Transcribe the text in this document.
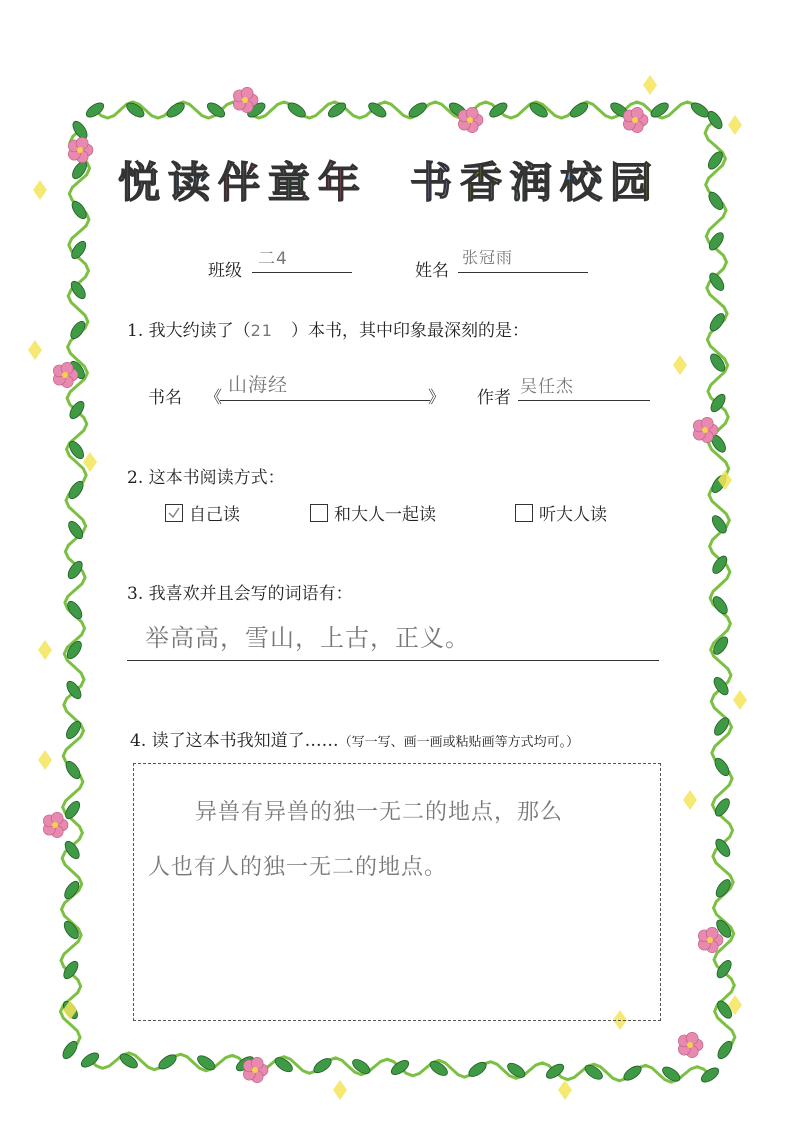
悦 读 伴 童 年 书 香 润 校 园
班级
二4
姓名
张冠雨
1. 我大约读了（21 ）本书，其中印象最深刻的是：
书名 《
山海经
》 作者
吴任杰
2. 这本书阅读方式：
自己读	和大人一起读	听大人读
3. 我喜欢并且会写的词语有：
举高高，雪山，上古，正义。
4. 读了这本书我知道了……（写一写、画一画或粘贴画等方式均可。）
异兽有异兽的独一无二的地点，那么
人也有人的独一无二的地点。
